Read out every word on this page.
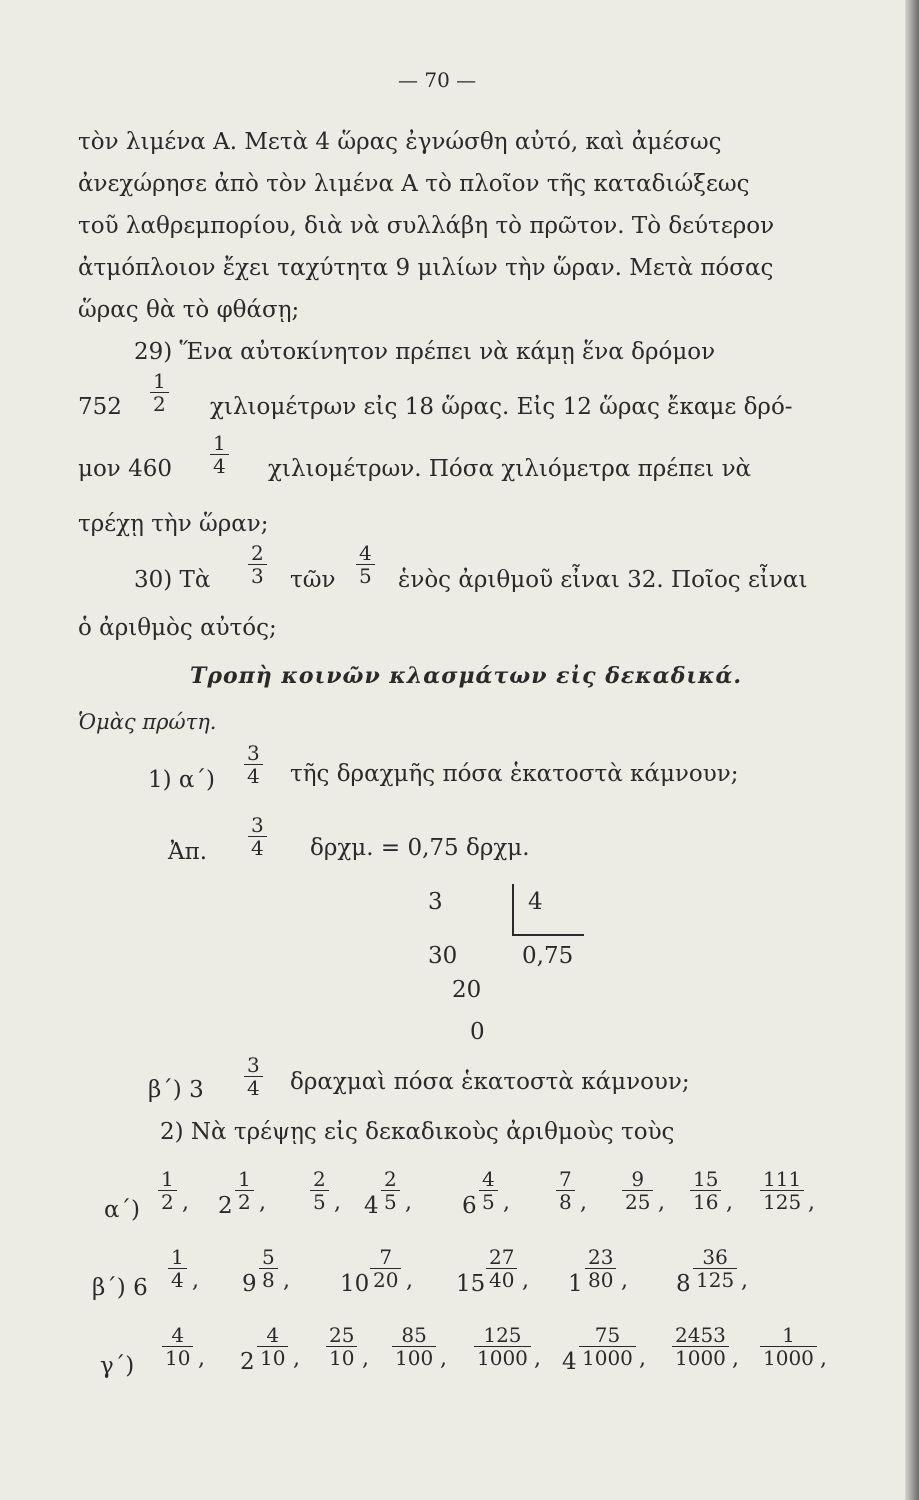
— 70 —
τὸν λιμένα Α. Μετὰ 4 ὥρας ἐγνώσθη αὐτό, καὶ ἀμέσως
ἀνεχώρησε ἀπὸ τὸν λιμένα Α τὸ πλοῖον τῆς καταδιώξεως
τοῦ λαθρεμπορίου, διὰ νὰ συλλάβη τὸ πρῶτον. Τὸ δεύτερον
ἀτμόπλοιον ἔχει ταχύτητα 9 μιλίων τὴν ὥραν. Μετὰ πόσας
ὥρας θὰ τὸ φθάσῃ;
29) Ἕνα αὐτοκίνητον πρέπει νὰ κάμῃ ἕνα δρόμον
$752 \frac{1}{2}$ χιλιομέτρων εἰς 18 ὥρας. Εἰς 12 ὥρας ἔκαμε δρό-
μον $460 \frac{1}{4} \chi\iota\lambda\iota o\mu έ\tau\rho\omega\nu$. Πόσα χιλιόμετρα πρέπει νὰ
τρέχῃ τὴν ὥραν;
30) Τὰ $\frac{2}{3}$ τῶν $\frac{4}{5}$ ἑνὸς ἀριθμοῦ εἶναι 32. Ποῖος εἶναι
ὁ ἀριθμὸς αὐτός;
Τροπὴ κοινῶν κλασμάτων εἰς δεκαδικά.
Ὁμὰς πρώτη.
1) $\alpha΄) \frac{3}{4}$ τῆς δραχμῆς πόσα ἑκατοστὰ κάμνουν;
Ἀπ. $\frac{3}{4} \delta\rho\chi\mu$. = 0,75 δρχμ.
3	4
30	0,75
20
0
β΄) $3 \frac{3}{4}$ δραχμαὶ πόσα ἑκατοστὰ κάμνουν;
2) Νὰ τρέψῃς εἰς δεκαδικοὺς ἀριθμοὺς τοὺς
$\alpha΄) \frac{1}{2}$ , $2 \frac{1}{2}$ , $\frac{2}{5}$ , $4 \frac{2}{5}$ , $6 \frac{4}{5}$ , $\frac{7}{8}$ , $\frac{9}{25}$ , $\frac{15}{16}$ , $\frac{111}{125}$ ,
β΄) $6 \frac{1}{4}$ , $9 \frac{5}{8}$ , $10 \frac{7}{20}$ , $15 \frac{27}{40}$ , $1 \frac{23}{80}$ , $8 \frac{36}{125}$ ,
$\gamma΄) \frac{4}{10}$ , $2 \frac{4}{10}$ , $\frac{25}{10}$ , $\frac{85}{100}$ , $\frac{125}{1000}$ , $4 \frac{75}{1000}$ , $\frac{2453}{1000}$ , $\frac{1}{1000}$ ,
